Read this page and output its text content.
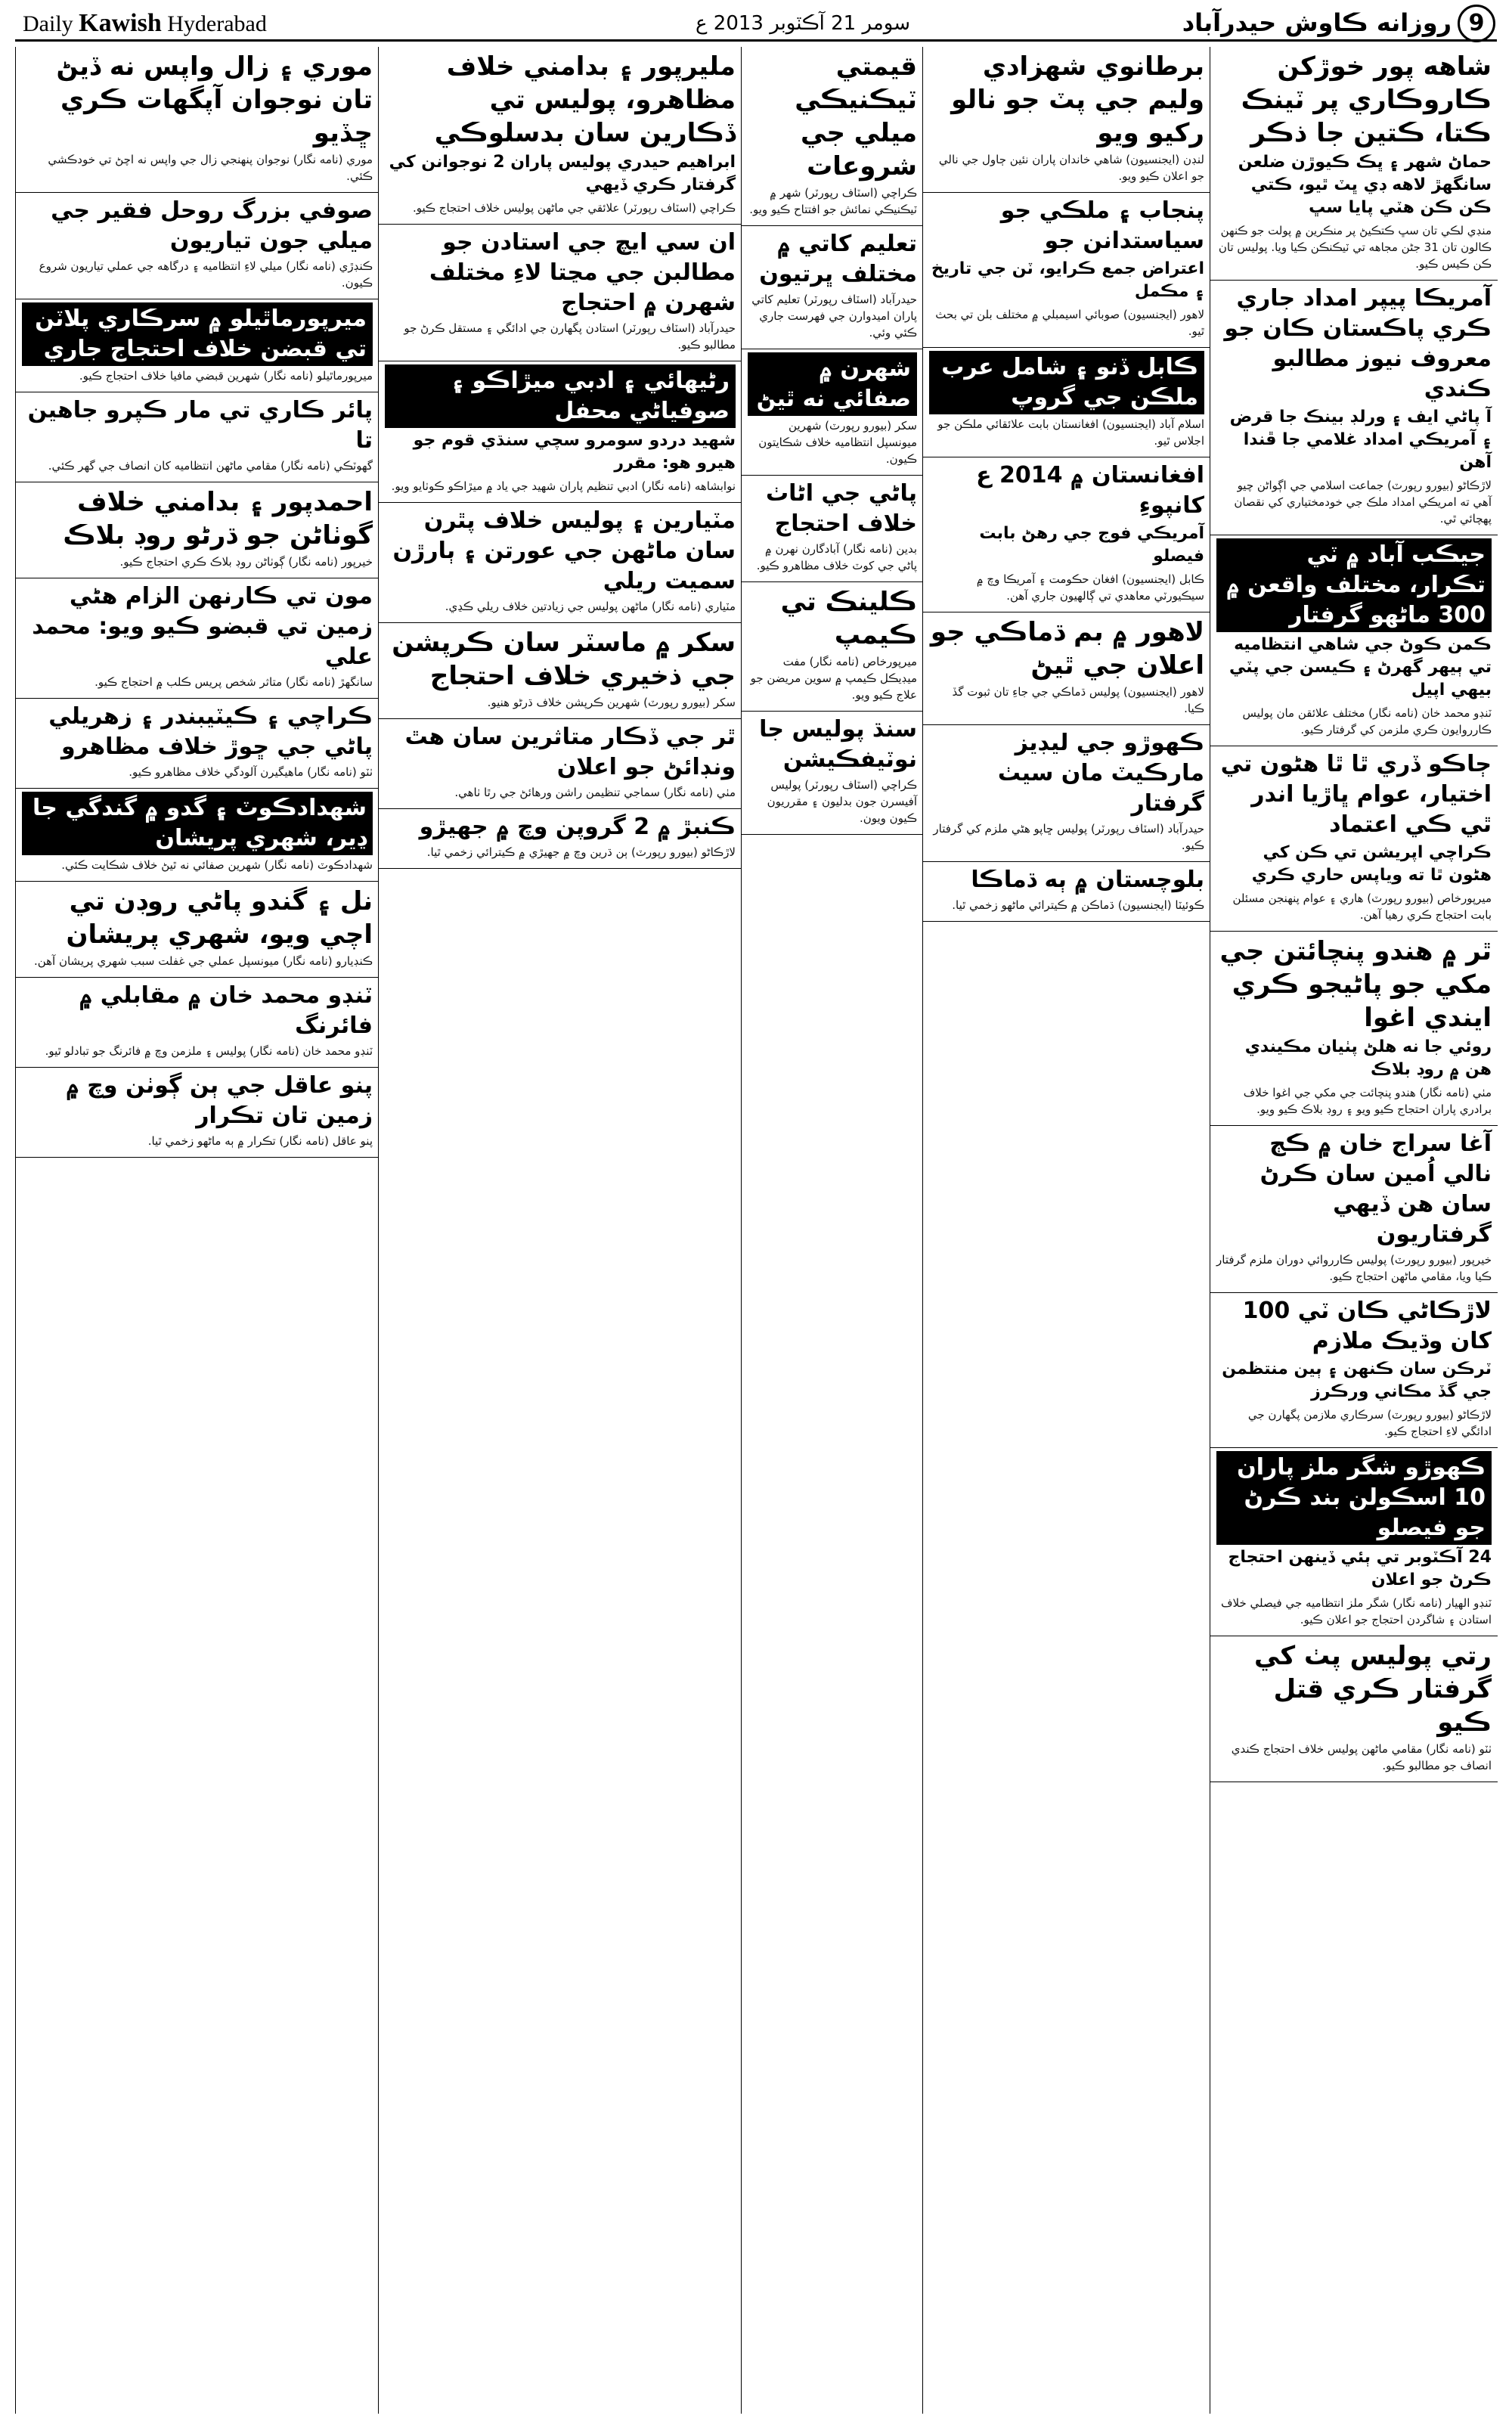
Daily Kawish Hyderabad	سومر 21 آڪٽوبر 2013 ع	روزانه ڪاوش حيدرآباد 9
شاهه پور خوڙکن ڪاروڪاري پر ٽينڪ ڪتا، ڪتين جا ذڪر
حماڻ شهر ۽ ڀڪ ڪيوڙن ضلعن سانگهڙ لاهه ڊي ڀٽ ٿيو، ڪتي ڪن ڪن هٽي پايا سڀ
منڊي لڪي تان سڀ ڪتڪيڻ پر منڪرين ۾ پولت جو ڪنهن ڪالون تان 31 جڻن مجاهه تي ٽيڪنڪن ڪيا ويا. پوليس تان ڪن ڪيس ڪيو.
آمريڪا پيپر امداد جاري ڪري پاڪستان ڪان جو معروف نيوز مطالبو ڪندي
آ پاڻي ايف ۽ ورلڊ بينڪ جا قرض ۽ آمريڪي امداد غلامي جا ڦندا آهن
لاڙڪاڻو (بيورو رپورٽ) جماعت اسلامي جي اڳواڻن چيو آهي ته امريڪي امداد ملڪ جي خودمختياري کي نقصان پهچائي ٿي.
جيڪب آباد ۾ ٽي تڪرار، مختلف واقعن ۾ 300 ماڻهو گرفتار
ڪمن ڪوڻ جي شاهي انتظاميه تي ٻيهر گهرڻ ۽ ڪيسن جي پٽي بيهي اپيل
ٽنڊو محمد خان (نامه نگار) مختلف علائقن مان پوليس ڪارروايون ڪري ملزمن کي گرفتار ڪيو.
ڄاڪو ڏري ٿا ٿا هڻون تي اختيار، عوام ڀاڙيا اندر ٿي ڪي اعتماد
ڪراچي اپريشن تي ڪن کي هڻون ٿا ته وياپس حاري ڪري
ميرپورخاص (بيورو رپورٽ) هاري ۽ عوام پنهنجن مسئلن بابت احتجاج ڪري رهيا آهن.
ٿر ۾ هندو پنچائتن جي مکي جو پاڻيجو ڪري ايندي اغوا
روئي جا نه هلڻ پٺيان مڪيندي هن ۾ روڊ بلاڪ
مٺي (نامه نگار) هندو پنچائت جي مکي جي اغوا خلاف برادري پاران احتجاج ڪيو ويو ۽ روڊ بلاڪ ڪيو ويو.
آغا سراج خان ۾ ڪڄ نالي اُمين سان ڪرڻ سان هن ڏيهي گرفتاريون
خيرپور (بيورو رپورٽ) پوليس ڪارروائي دوران ملزم گرفتار ڪيا ويا، مقامي ماڻهن احتجاج ڪيو.
لاڙڪاڻي ڪان ٽي 100 کان وڌيڪ ملازم
ٽرڪن سان ڪنهن ۽ ٻين منتظمن جي گڏ مڪاني ورڪرز
لاڙڪاڻو (بيورو رپورٽ) سرڪاري ملازمن پگهارن جي ادائگي لاءِ احتجاج ڪيو.
ڪهوڙو شگر ملز پاران 10 اسڪولن بند ڪرڻ جو فيصلو
24 آڪٽوبر تي ٻئي ڏينهن احتجاج ڪرڻ جو اعلان
ٽنڊو الهيار (نامه نگار) شگر ملز انتظاميه جي فيصلي خلاف استادن ۽ شاگردن احتجاج جو اعلان ڪيو.
رتي پوليس پٺ کي گرفتار ڪري قتل ڪيو
ٺٽو (نامه نگار) مقامي ماڻهن پوليس خلاف احتجاج ڪندي انصاف جو مطالبو ڪيو.
برطانوي شهزادي وليم جي پٽ جو نالو رکيو ويو
لنڊن (ايجنسيون) شاهي خاندان پاران نئين ڄاول جي نالي جو اعلان ڪيو ويو.
پنجاب ۽ ملڪي جو سياستدانن جو
اعتراض جمع ڪرايو، ٽن جي تاريخ ۽ مڪمل
لاهور (ايجنسيون) صوبائي اسيمبلي ۾ مختلف بلن تي بحث ٿيو.
ڪابل ڏنو ۽ شامل عرب ملڪن جي گروپ
اسلام آباد (ايجنسيون) افغانستان بابت علائقائي ملڪن جو اجلاس ٿيو.
افغانستان ۾ 2014 ع کانپوءِ
آمريڪي فوج جي رهڻ بابت فيصلو
ڪابل (ايجنسيون) افغان حڪومت ۽ آمريڪا وچ ۾ سيڪيورٽي معاهدي تي ڳالهيون جاري آهن.
لاهور ۾ بم ڌماڪي جو اعلان جي ٿيڻ
لاهور (ايجنسيون) پوليس ڌماڪي جي جاءِ تان ثبوت گڏ ڪيا.
ڪهوڙو جي ليڊيز مارڪيٽ مان سيٺ گرفتار
حيدرآباد (اسٽاف رپورٽر) پوليس ڇاپو هڻي ملزم کي گرفتار ڪيو.
بلوچستان ۾ ٻه ڌماڪا
ڪوئيٽا (ايجنسيون) ڌماڪن ۾ ڪيترائي ماڻهو زخمي ٿيا.
قيمتي ٽيڪنيڪي ميلي جي شروعات
ڪراچي (اسٽاف رپورٽر) شهر ۾ ٽيڪنيڪي نمائش جو افتتاح ڪيو ويو.
تعليم کاتي ۾ مختلف ڀرتيون
حيدرآباد (اسٽاف رپورٽر) تعليم کاتي پاران اميدوارن جي فهرست جاري ڪئي وئي.
شهرن ۾ صفائي نه ٿيڻ
سکر (بيورو رپورٽ) شهرين ميونسپل انتظاميه خلاف شڪايتون ڪيون.
پاڻي جي اڻاٺ خلاف احتجاج
بدين (نامه نگار) آبادگارن نهرن ۾ پاڻي جي کوٽ خلاف مظاهرو ڪيو.
ڪلينڪ تي ڪيمپ
ميرپورخاص (نامه نگار) مفت ميڊيڪل ڪيمپ ۾ سوين مريضن جو علاج ڪيو ويو.
سنڌ پوليس جا نوٽيفڪيشن
ڪراچي (اسٽاف رپورٽر) پوليس آفيسرن جون بدليون ۽ مقرريون ڪيون ويون.
مليرپور ۽ بدامني خلاف مظاهرو، پوليس تي ڏڪارين سان بدسلوڪي
ابراهيم حيدري پوليس پاران 2 نوجوانن کي گرفتار ڪري ڏيهي
ڪراچي (اسٽاف رپورٽر) علائقي جي ماڻهن پوليس خلاف احتجاج ڪيو.
ان سي ايچ جي استادن جو مطالبن جي مڃتا لاءِ مختلف شهرن ۾ احتجاج
حيدرآباد (اسٽاف رپورٽر) استادن پگهارن جي ادائگي ۽ مستقل ڪرڻ جو مطالبو ڪيو.
رڻيهائي ۽ ادبي ميڙاڪو ۽ صوفياڻي محفل
شهيد دردو سومرو سچي سنڌي قوم جو هيرو هو: مقرر
نوابشاهه (نامه نگار) ادبي تنظيم پاران شهيد جي ياد ۾ ميڙاڪو ڪوٺايو ويو.
مٽيارين ۽ پوليس خلاف پٿرن سان ماڻهن جي عورتن ۽ ٻارڙن سميت ريلي
مٽياري (نامه نگار) ماڻهن پوليس جي زيادتين خلاف ريلي ڪڍي.
سکر ۾ ماسٽر سان ڪرپشن جي ذخيري خلاف احتجاج
سکر (بيورو رپورٽ) شهرين ڪرپشن خلاف ڌرڻو هنيو.
ٿر جي ڏڪار متاثرين سان هٿ ونڊائڻ جو اعلان
مٺي (نامه نگار) سماجي تنظيمن راشن ورهائڻ جي رٿا ٺاهي.
ڪنبڙ ۾ 2 گروپن وچ ۾ جهيڙو
لاڙڪاڻو (بيورو رپورٽ) ٻن ڌرين وچ ۾ جهيڙي ۾ ڪيترائي زخمي ٿيا.
موري ۽ زال واپس نه ڏيڻ تان نوجوان آپگهات ڪري ڇڏيو
موري (نامه نگار) نوجوان پنهنجي زال جي واپس نه اچڻ تي خودڪشي ڪئي.
صوفي بزرگ روحل فقير جي ميلي جون تياريون
ڪنڊڙي (نامه نگار) ميلي لاءِ انتظاميه ۽ درگاهه جي عملي تياريون شروع ڪيون.
ميرپورماٿيلو ۾ سرڪاري پلاٽن تي قبضن خلاف احتجاج جاري
ميرپورماٿيلو (نامه نگار) شهرين قبضي مافيا خلاف احتجاج ڪيو.
پائر ڪاري تي مار ڪپرو جاهين تا
گهوٽڪي (نامه نگار) مقامي ماڻهن انتظاميه کان انصاف جي گهر ڪئي.
احمدپور ۽ بدامني خلاف گوٺاڻن جو ڌرڻو روڊ بلاڪ
خيرپور (نامه نگار) ڳوٺاڻن روڊ بلاڪ ڪري احتجاج ڪيو.
مون تي ڪارنهن الزام هڻي زمين تي قبضو ڪيو ويو: محمد علي
سانگهڙ (نامه نگار) متاثر شخص پريس ڪلب ۾ احتجاج ڪيو.
ڪراچي ۽ ڪيٽيبندر ۽ زهريلي پاڻي جي ڇوڙ خلاف مظاهرو
ٺٽو (نامه نگار) ماهيگيرن آلودگي خلاف مظاهرو ڪيو.
شهدادڪوٽ ۽ گدو ۾ گندگي جا ڍير، شهري پريشان
شهدادڪوٽ (نامه نگار) شهرين صفائي نه ٿيڻ خلاف شڪايت ڪئي.
نل ۽ گندو پاڻي روڊن تي اچي ويو، شهري پريشان
ڪنڊيارو (نامه نگار) ميونسپل عملي جي غفلت سبب شهري پريشان آهن.
ٽنڊو محمد خان ۾ مقابلي ۾ فائرنگ
ٽنڊو محمد خان (نامه نگار) پوليس ۽ ملزمن وچ ۾ فائرنگ جو تبادلو ٿيو.
پنو عاقل جي ٻن ڳوٺن وچ ۾ زمين تان تڪرار
پنو عاقل (نامه نگار) تڪرار ۾ ٻه ماڻهو زخمي ٿيا.
